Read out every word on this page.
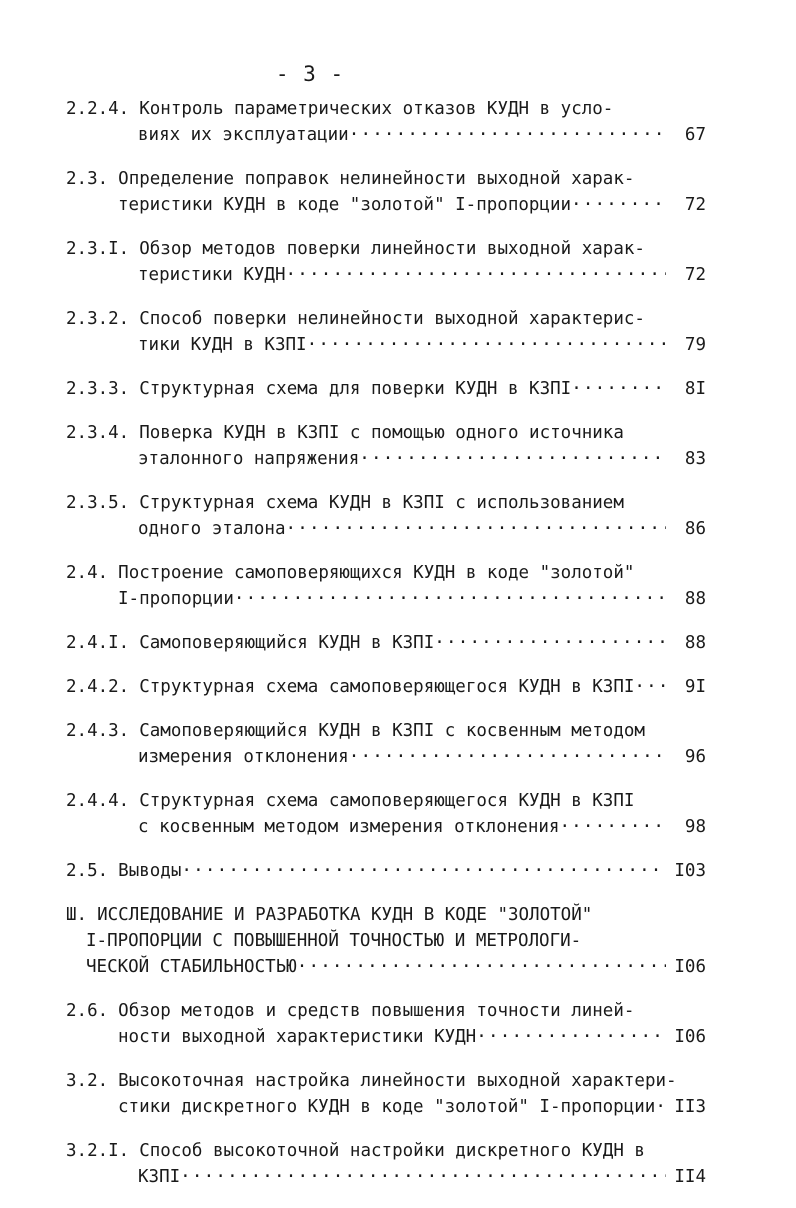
- 3 -
2.2.4. Контроль параметрических отказов КУДН в усло-
виях их эксплуатации .....	67
2.3. Определение поправок нелинейности выходной харак-
теристики КУДН в коде "золотой" I-пропорции .....	72
2.3.I. Обзор методов поверки линейности выходной харак-
теристики КУДН .....	72
2.3.2. Способ поверки нелинейности выходной характерис-
тики КУДН в КЗПI .....	79
2.3.3. Структурная схема для поверки КУДН в КЗПI .....	8I
2.3.4. Поверка КУДН в КЗПI с помощью одного источника
эталонного напряжения .....	83
2.3.5. Структурная схема КУДН в КЗПI с использованием
одного эталона .....	86
2.4. Построение самоповеряющихся КУДН в коде "золотой"
I-пропорции .....	88
2.4.I. Самоповеряющийся КУДН в КЗПI .....	88
2.4.2. Структурная схема самоповеряющегося КУДН в КЗПI .....	9I
2.4.3. Самоповеряющийся КУДН в КЗПI с косвенным методом
измерения отклонения .....	96
2.4.4. Структурная схема самоповеряющегося КУДН в КЗПI
с косвенным методом измерения отклонения .....	98
2.5. Выводы .....	I03
Ш. ИССЛЕДОВАНИЕ И РАЗРАБОТКА КУДН В КОДЕ "ЗОЛОТОЙ"
I-ПРОПОРЦИИ С ПОВЫШЕННОЙ ТОЧНОСТЬЮ И МЕТРОЛОГИ-
ЧЕСКОЙ СТАБИЛЬНОСТЬЮ .....	I06
2.6. Обзор методов и средств повышения точности линей-
ности выходной характеристики КУДН .....	I06
3.2. Высокоточная настройка линейности выходной характери-
стики дискретного КУДН в коде "золотой" I-пропорции ..... II3
3.2.I. Способ высокоточной настройки дискретного КУДН в
КЗПI .....	II4
